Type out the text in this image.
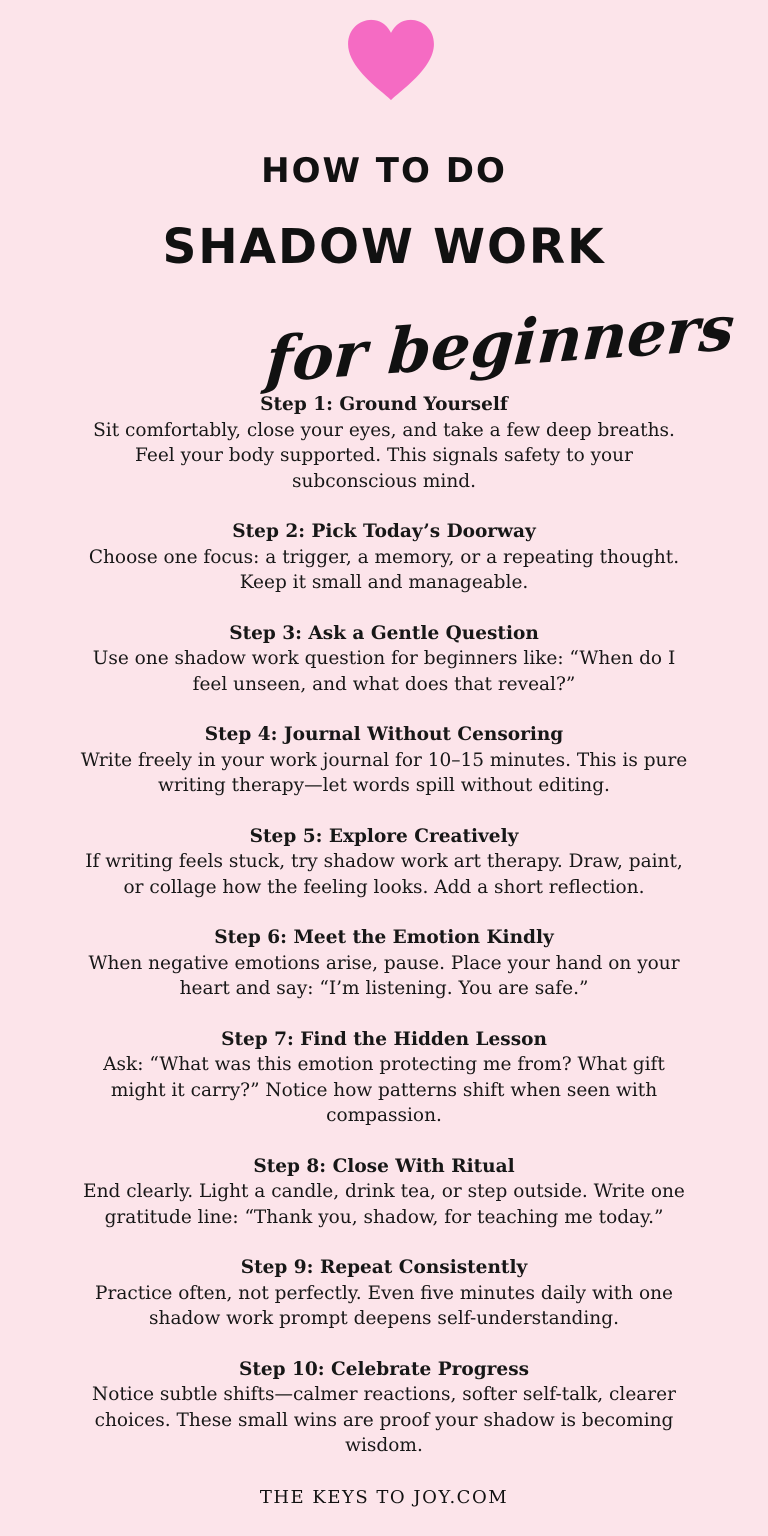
HOW TO DO
SHADOW WORK
for beginners
Step 1: Ground Yourself
Sit comfortably, close your eyes, and take a few deep breaths.
Feel your body supported. This signals safety to your
subconscious mind.
Step 2: Pick Today’s Doorway
Choose one focus: a trigger, a memory, or a repeating thought.
Keep it small and manageable.
Step 3: Ask a Gentle Question
Use one shadow work question for beginners like: “When do I
feel unseen, and what does that reveal?”
Step 4: Journal Without Censoring
Write freely in your work journal for 10–15 minutes. This is pure
writing therapy—let words spill without editing.
Step 5: Explore Creatively
If writing feels stuck, try shadow work art therapy. Draw, paint,
or collage how the feeling looks. Add a short reflection.
Step 6: Meet the Emotion Kindly
When negative emotions arise, pause. Place your hand on your
heart and say: “I’m listening. You are safe.”
Step 7: Find the Hidden Lesson
Ask: “What was this emotion protecting me from? What gift
might it carry?” Notice how patterns shift when seen with
compassion.
Step 8: Close With Ritual
End clearly. Light a candle, drink tea, or step outside. Write one
gratitude line: “Thank you, shadow, for teaching me today.”
Step 9: Repeat Consistently
Practice often, not perfectly. Even five minutes daily with one
shadow work prompt deepens self-understanding.
Step 10: Celebrate Progress
Notice subtle shifts—calmer reactions, softer self-talk, clearer
choices. These small wins are proof your shadow is becoming
wisdom.
THE KEYS TO JOY.COM
